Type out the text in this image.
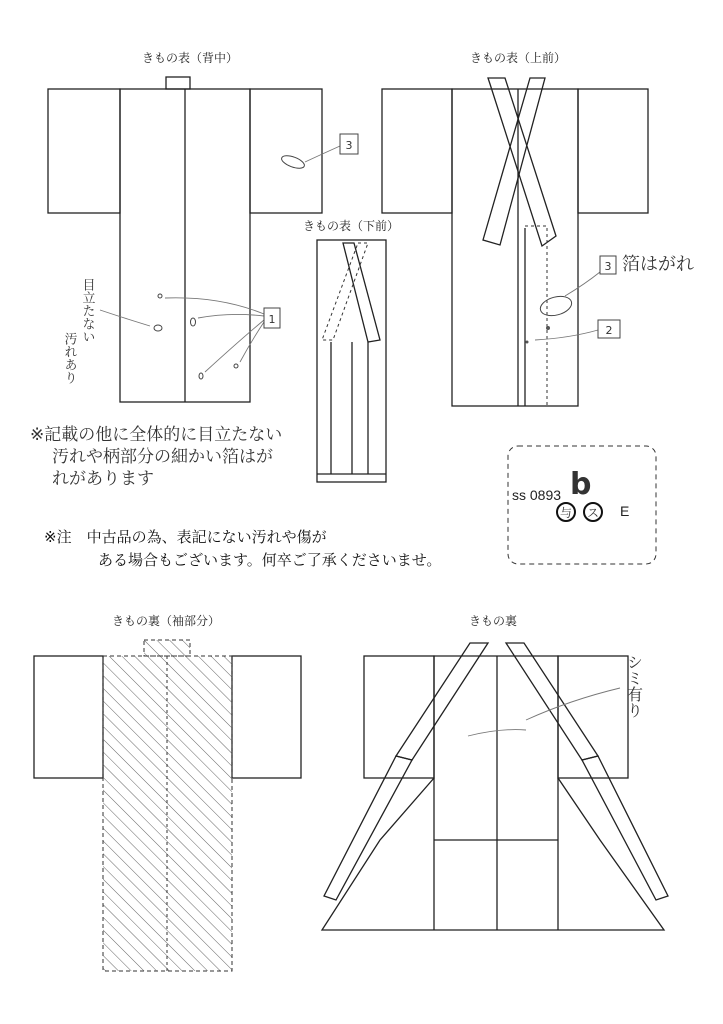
きもの表（背中）
3
1
目立たない
汚れあり
きもの表（上前）
3 箔はがれ
2
きもの表（下前）
※記載の他に全体的に目立たない
汚れや柄部分の細かい箔はが
れがあります
ss 0893 b
与 ス E
※注　中古品の為、表記にない汚れや傷が
ある場合もございます。何卒ご了承くださいませ。
きもの裏（袖部分）	きもの裏
シミ有り
